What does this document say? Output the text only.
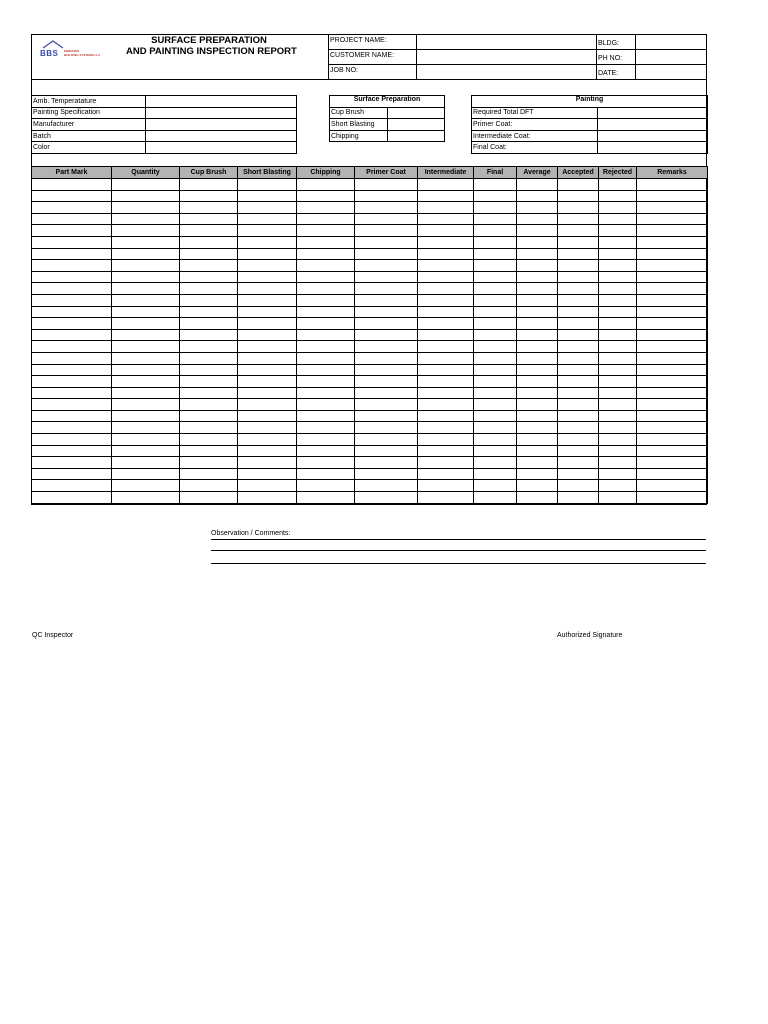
BBS EMIRATES
BUILDING SYSTEMS LLC
SURFACE PREPARATION
AND PAINTING INSPECTION REPORT
PROJECT NAME:
CUSTOMER NAME:
JOB NO:
BLDG:
PH NO:
DATE:
Amb. Temperatature	
Painting Specification	
Manufacturer	
Batch	
Color	
Surface Preparation

Cup Brush	
Short Blasting	
Chipping	
Painting

Required Total DFT	
Primer Coat:	
Intermediate Coat:	
Final Coat:	
Part Mark	Quantity	Cup Brush	Short Blasting	Chipping	Primer Coat	Intermediate	Final	Average	Accepted	Rejected	Remarks

Observation / Comments:
QC Inspector	Authorized Signature
